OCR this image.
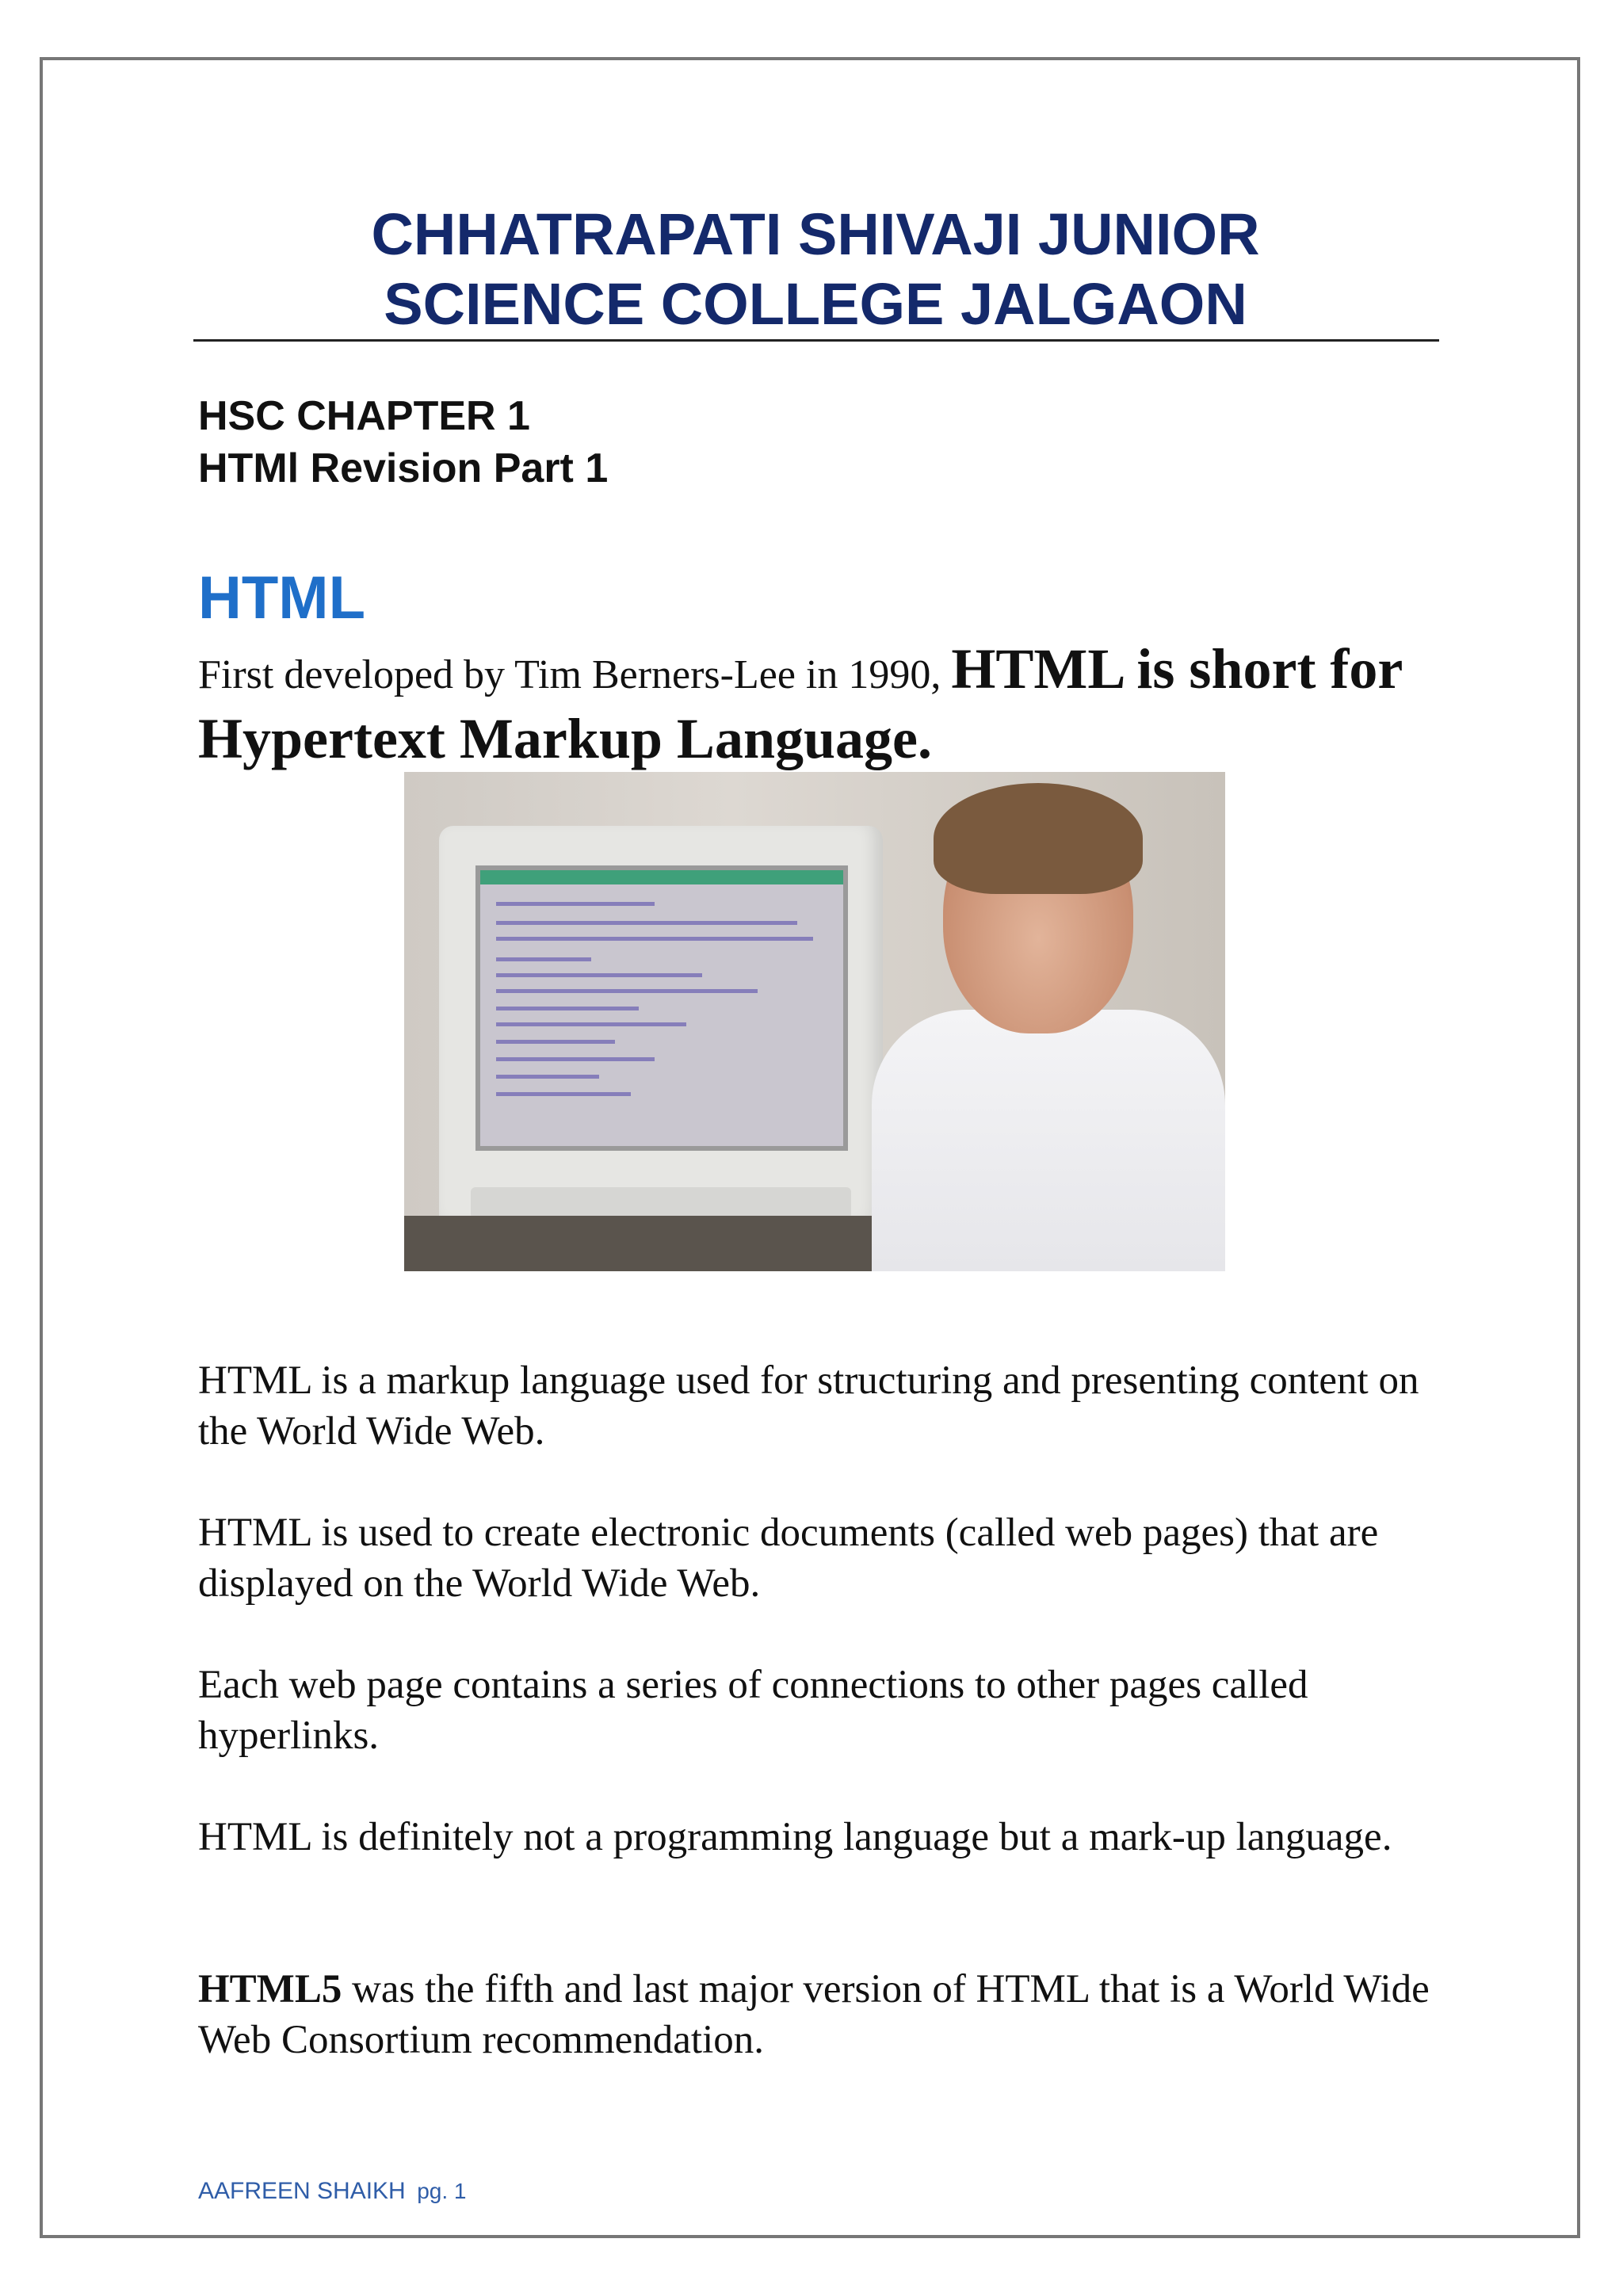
CHHATRAPATI SHIVAJI JUNIOR
SCIENCE COLLEGE JALGAON
HSC CHAPTER 1
HTMl Revision Part 1
HTML

First developed by Tim Berners-Lee in 1990, HTML is short for Hypertext Markup Language.

HTML is a markup language used for structuring and presenting content on the World Wide Web.

HTML is used to create electronic documents (called web pages) that are displayed on the World Wide Web.

Each web page contains a series of connections to other pages called hyperlinks.

HTML is definitely not a programming language but a mark-up language.

HTML5 was the fifth and last major version of HTML that is a World Wide Web Consortium recommendation.

AAFREEN SHAIKH pg. 1
